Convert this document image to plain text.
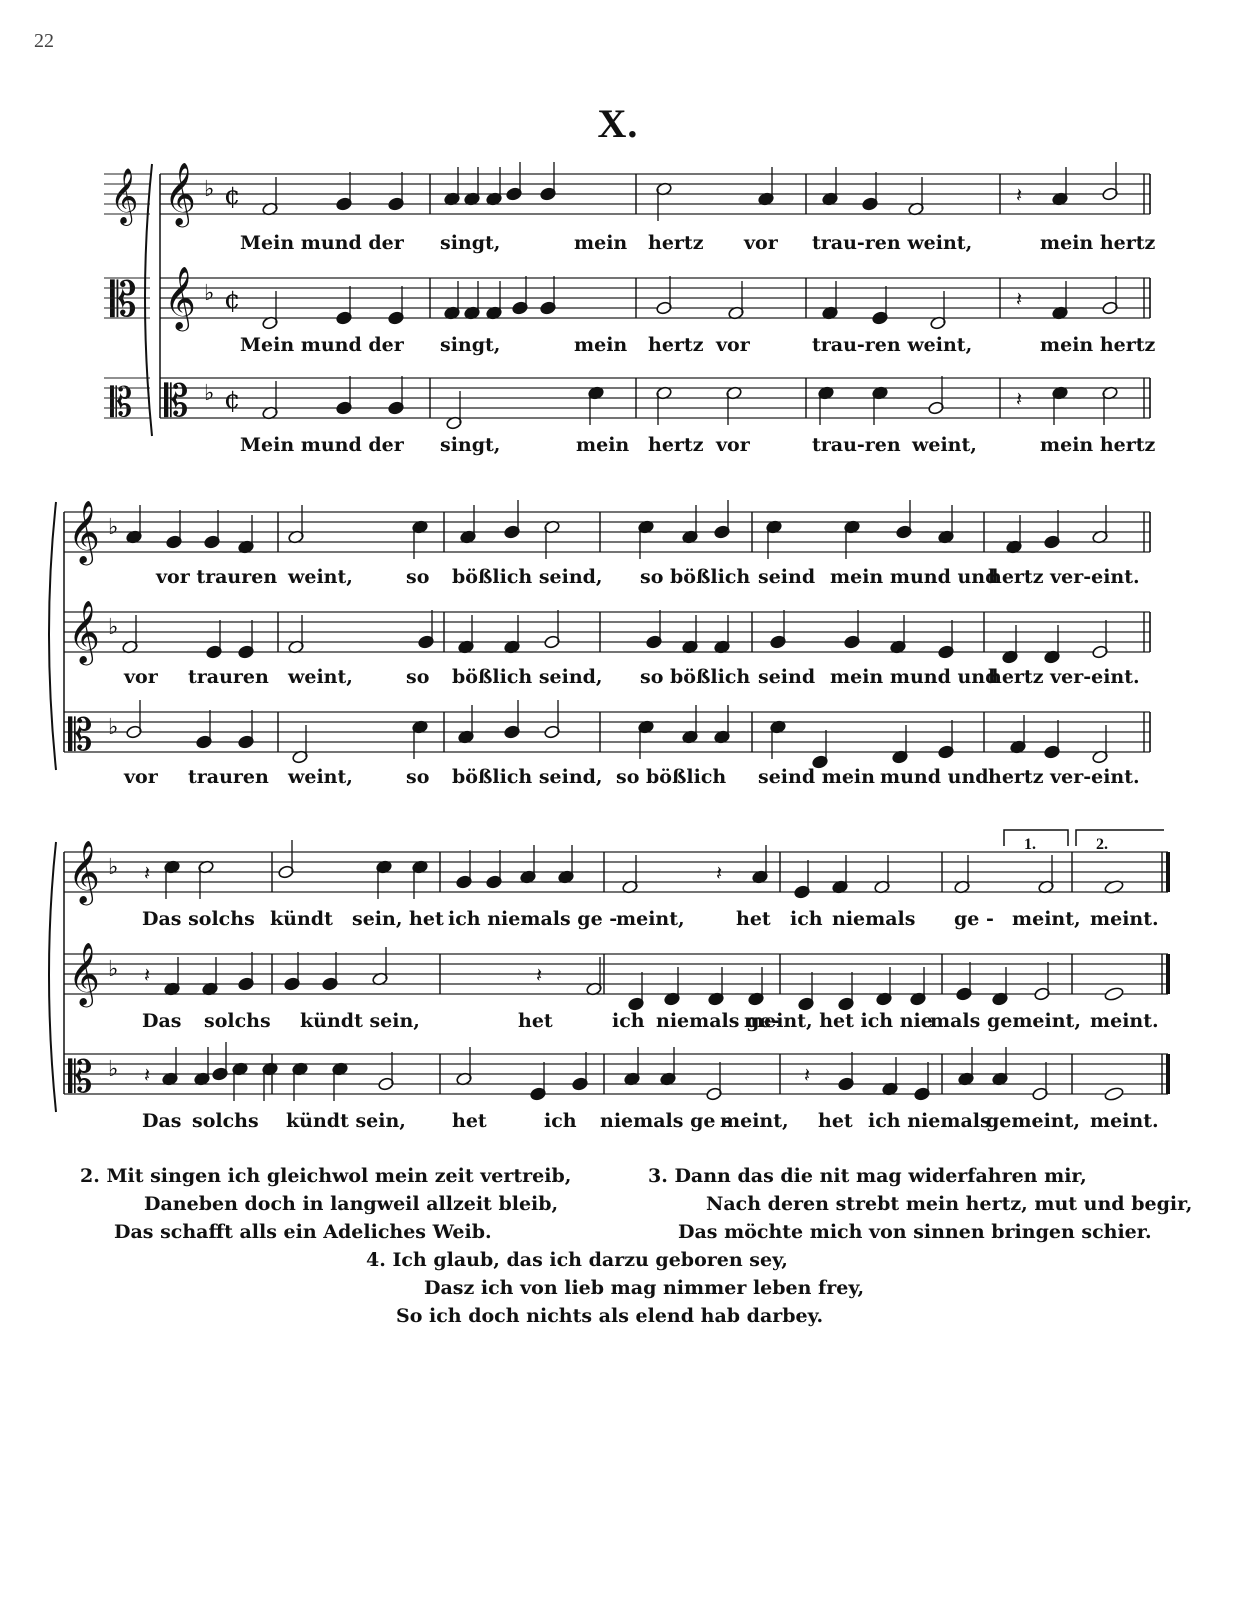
22
X.
𝄞 ♭ ¢
𝄞
𝄞 ♭ ¢
𝄡
𝄡 ♭ ¢
𝄡
𝄞 ♭
𝄞 ♭
𝄡 ♭
𝄞 ♭
𝄞 ♭
𝄡 ♭
𝄽
𝄽
𝄽
𝄽	𝄽
𝄽	𝄽
𝄽	𝄽
Mein mund der singt,	mein hertz vor trau-ren weint,	mein hertz
Mein mund der singt,	mein hertz vor	trau-ren weint,	mein hertz
Mein mund der singt,	mein hertz vor	trau-ren weint,	mein hertz
vor trauren weint,	so bößlich seind, so bößlich seind mein mund und
hertz ver-eint.
vor trauren weint,	so bößlich seind, so bößlich seind mein mund und
hertz ver-eint.
vor trauren weint,	so bößlich seind, so bößlich seind mein mund und hertz ver-eint.
1.	2.
Das solchs kündt sein, het ich niemals ge -
meint,	het ich niemals ge - meint, meint.
Das solchs kündt sein,	het	ich niemals ge-
meint, het ich nie
mals gemeint, meint.
Das solchs kündt sein, het	ich niemals ge -
meint, het ich niemals
gemeint, meint.
2. Mit singen ich gleichwol mein zeit vertreib,
Daneben doch in langweil allzeit bleib,
Das schafft alls ein Adeliches Weib.
3. Dann das die nit mag widerfahren mir,
Nach deren strebt mein hertz, mut und begir,
Das möchte mich von sinnen bringen schier.
4. Ich glaub, das ich darzu geboren sey,
Dasz ich von lieb mag nimmer leben frey,
So ich doch nichts als elend hab darbey.
